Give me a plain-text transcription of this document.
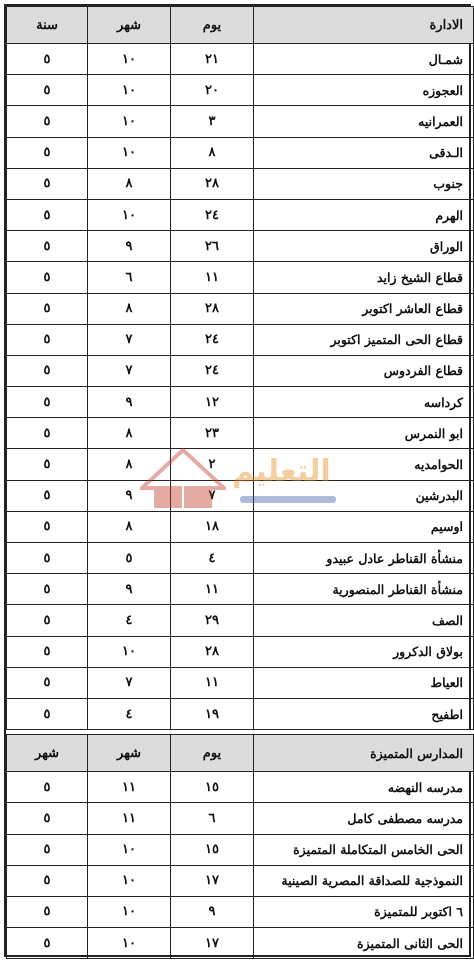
الادارة	يوم	شهر	سنة
شمـال	٢١	١٠	٥
العجوزه	٢٠	١٠	٥
العمرانيه	٣	١٠	٥
الـدقى	٨	١٠	٥
جنوب	٢٨	٨	٥
الهرم	٢٤	١٠	٥
الوراق	٢٦	٩	٥
قطاع الشيخ زايد	١١	٦	٥
قطاع العاشر اكتوبر	٢٨	٨	٥
قطاع الحى المتميز اكتوبر	٢٤	٧	٥
قطاع الفردوس	٢٤	٧	٥
كرداسه	١٢	٩	٥
ابو النمرس	٢٣	٨	٥
الحوامديه	٢	٨	٥
البدرشين	٧	٩	٥
اوسيم	١٨	٨	٥
منشأة القناطر عادل عبيدو	٤	٥	٥
منشأة القناطر المنصورية	١١	٩	٥
الصف	٢٩	٤	٥
بولاق الدكرور	٢٨	١٠	٥
العياط	١١	٧	٥
اطفيح	١٩	٤	٥

المدارس المتميزة	يوم	شهر	شهر
مدرسه النهضه	١٥	١١	٥
مدرسه مصطفى كامل	٦	١١	٥
الحى الخامس المتكاملة المتميزة	١٥	١٠	٥
النموذجية للصداقة المصرية الصينية	١٧	١٠	٥
٦ اكتوبر للمتميزة	٩	١٠	٥
الحى الثانى المتميزة	١٧	١٠	٥
التعليم
